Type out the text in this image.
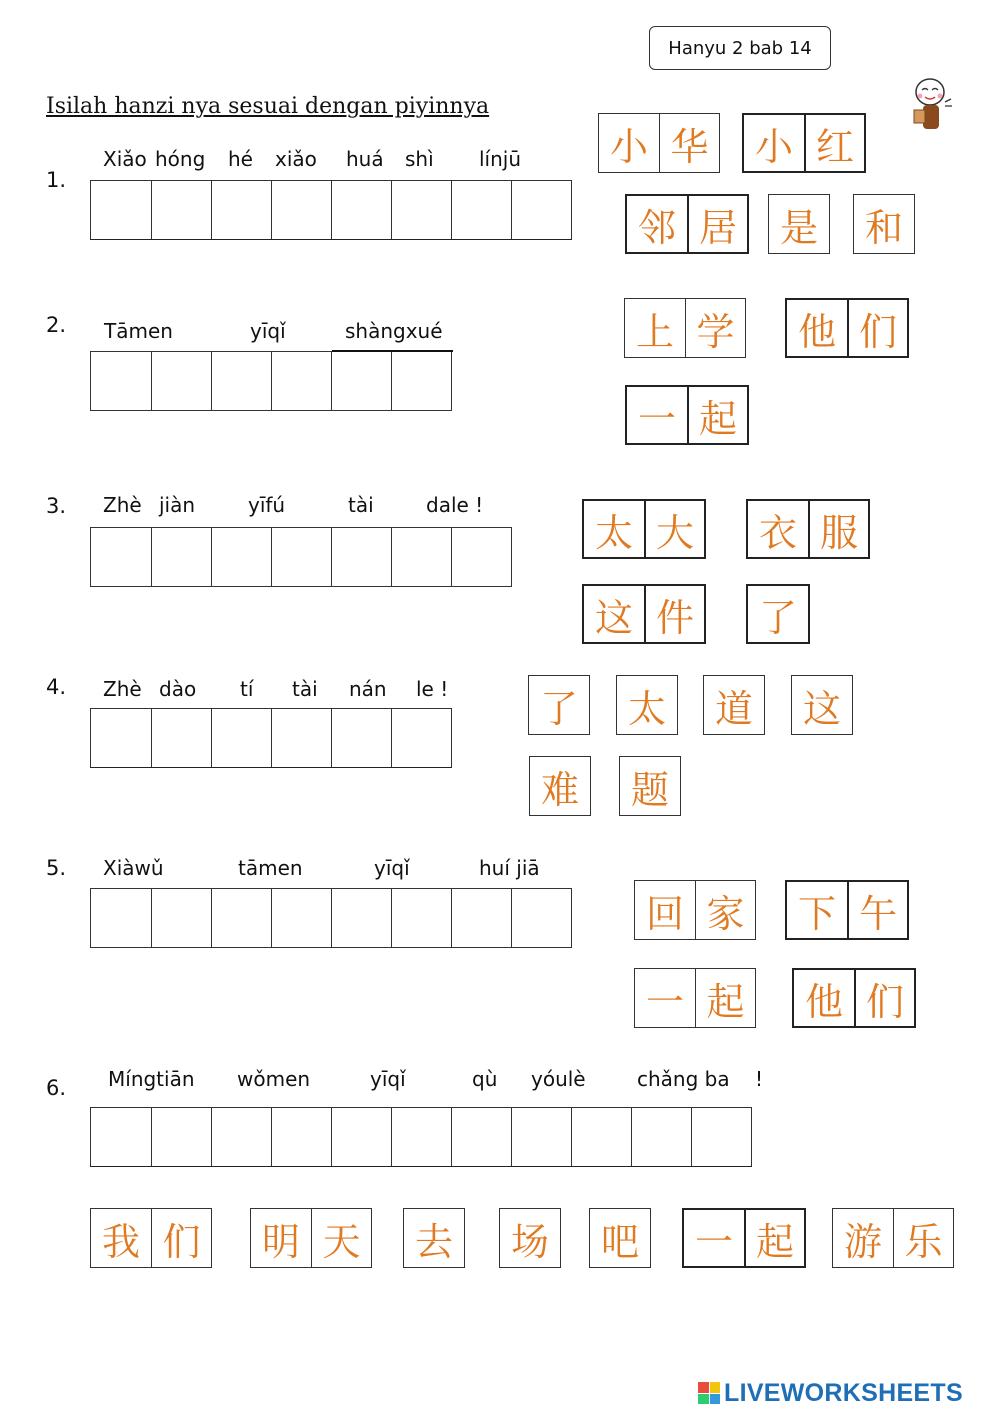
Hanyu 2 bab 14
Isilah hanzi nya sesuai dengan piyinnya
1.
Xiǎo hóng hé xiǎo huá shì línjū 小 华 小 红
邻 居 是 和
2. Tāmen	yīqǐ	shàngxué	上 学 他 们
一 起
3. Zhè jiàn	yīfú	tài	dale !
太 大 衣 服
这 件 了
4. Zhè dào tí tài nán le ! 了 太 道 这
难 题
5. Xiàwǔ	tāmen	yīqǐ	huí jiā
回 家 下 午
一 起 他 们
6. Míngtiān wǒmen	yīqǐ	qù yóulè	chǎng ba !
我 们 明 天 去 场 吧 一 起 游 乐
LIVEWORKSHEETS
